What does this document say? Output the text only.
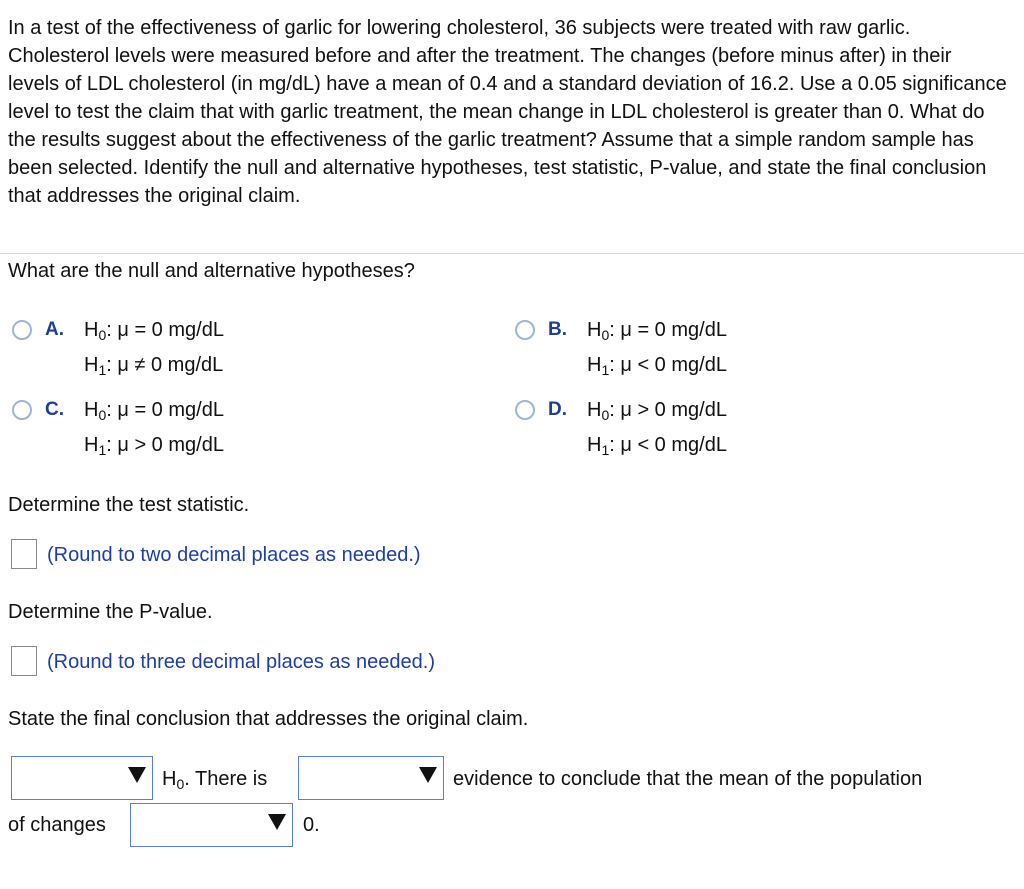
In a test of the effectiveness of garlic for lowering cholesterol, 36 subjects were treated with raw garlic. Cholesterol levels were measured before and after the treatment. The changes (before minus after) in their levels of LDL cholesterol (in mg/dL) have a mean of 0.4 and a standard deviation of 16.2. Use a 0.05 significance level to test the claim that with garlic treatment, the mean change in LDL cholesterol is greater than 0. What do the results suggest about the effectiveness of the garlic treatment? Assume that a simple random sample has been selected. Identify the null and alternative hypotheses, test statistic, P-value, and state the final conclusion that addresses the original claim.

What are the null and alternative hypotheses?

A. $H_0$: μ = 0 mg/dL
$H_1$: μ ≠ 0 mg/dL
B. $H_0$: μ = 0 mg/dL
$H_1$: μ < 0 mg/dL
C. $H_0$: μ = 0 mg/dL
$H_1$: μ > 0 mg/dL
D. $H_0$: μ > 0 mg/dL
$H_1$: μ < 0 mg/dL

Determine the test statistic.

(Round to two decimal places as needed.)

Determine the P-value.

(Round to three decimal places as needed.)

State the final conclusion that addresses the original claim.

$H_0$. There is	evidence to conclude that the mean of the population
of changes	0.
